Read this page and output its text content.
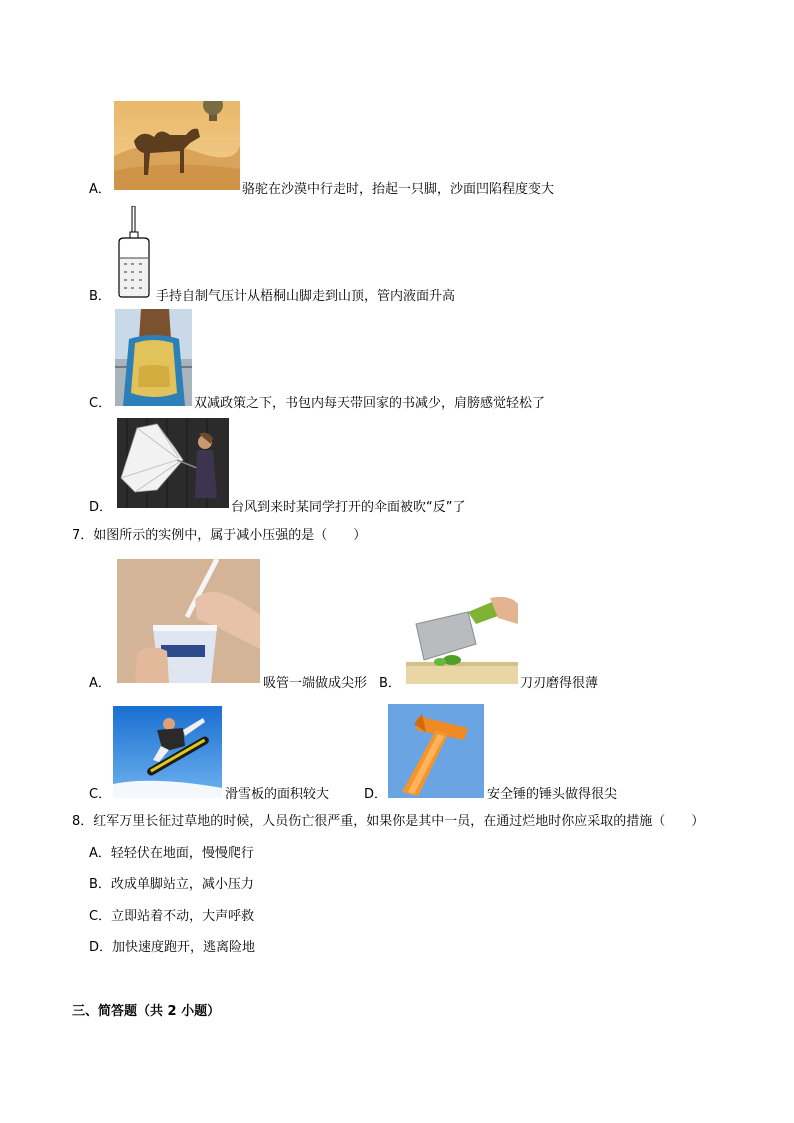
A．	骆驼在沙漠中行走时，抬起一只脚，沙面凹陷程度变大
B．	手持自制气压计从梧桐山脚走到山顶，管内液面升高
C．	双减政策之下，书包内每天带回家的书减少，肩膀感觉轻松了
D．	台风到来时某同学打开的伞面被吹“反”了
7．如图所示的实例中，属于减小压强的是（　　）
A．	吸管一端做成尖形 B．	刀刃磨得很薄
C．	滑雪板的面积较大	D．	安全锤的锤头做得很尖
8．红军万里长征过草地的时候，人员伤亡很严重，如果你是其中一员，在通过烂地时你应采取的措施（　　）
A．轻轻伏在地面，慢慢爬行
B．改成单脚站立，减小压力
C．立即站着不动，大声呼救
D．加快速度跑开，逃离险地
三、简答题（共 2 小题）
